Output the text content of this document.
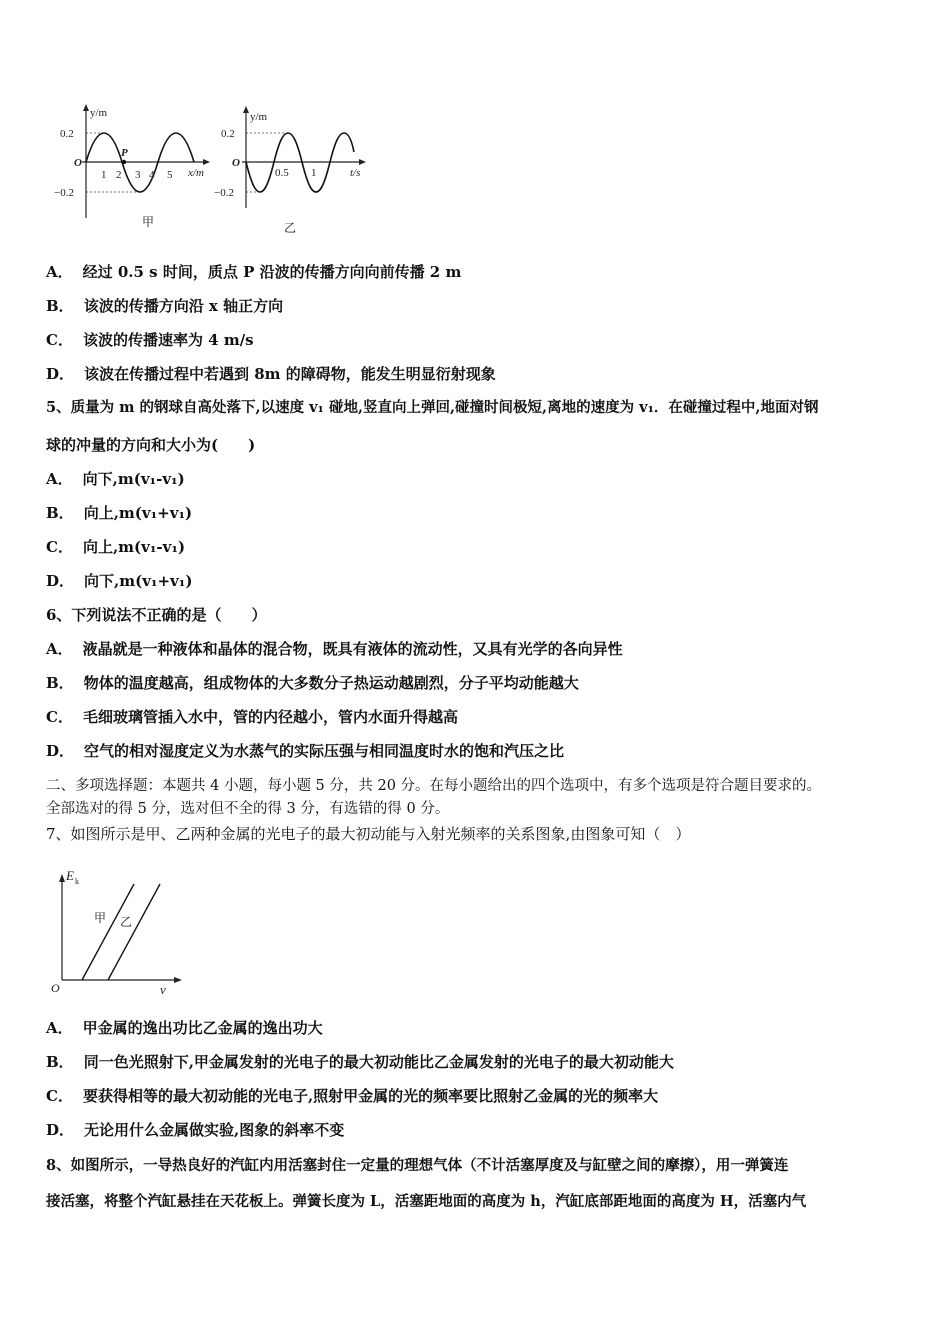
y/m
x/m
0.2
−0.2
O
P
1 2 3 4 5
甲
y/m
t/s
0.2
−0.2
O
0.5 1
乙
A． 经过 0.5 s 时间，质点 P 沿波的传播方向向前传播 2 m
B． 该波的传播方向沿 x 轴正方向
C． 该波的传播速率为 4 m/s
D． 该波在传播过程中若遇到 8m 的障碍物，能发生明显衍射现象
5、质量为 m 的钢球自高处落下,以速度 v₁ 碰地,竖直向上弹回,碰撞时间极短,离地的速度为 v₁．在碰撞过程中,地面对钢
球的冲量的方向和大小为(　　)
A． 向下,m(v₁-v₁)
B． 向上,m(v₁+v₁)
C． 向上,m(v₁-v₁)
D． 向下,m(v₁+v₁)
6、下列说法不正确的是（　　）
A． 液晶就是一种液体和晶体的混合物，既具有液体的流动性，又具有光学的各向异性
B． 物体的温度越高，组成物体的大多数分子热运动越剧烈，分子平均动能越大
C． 毛细玻璃管插入水中，管的内径越小，管内水面升得越高
D． 空气的相对湿度定义为水蒸气的实际压强与相同温度时水的饱和汽压之比
二、多项选择题：本题共 4 小题，每小题 5 分，共 20 分。在每小题给出的四个选项中，有多个选项是符合题目要求的。
全部选对的得 5 分，选对但不全的得 3 分，有选错的得 0 分。
7、如图所示是甲、乙两种金属的光电子的最大初动能与入射光频率的关系图象,由图象可知（　）
E k
ν
O
甲 乙
A． 甲金属的逸出功比乙金属的逸出功大
B． 同一色光照射下,甲金属发射的光电子的最大初动能比乙金属发射的光电子的最大初动能大
C． 要获得相等的最大初动能的光电子,照射甲金属的光的频率要比照射乙金属的光的频率大
D． 无论用什么金属做实验,图象的斜率不变
8、如图所示，一导热良好的汽缸内用活塞封住一定量的理想气体（不计活塞厚度及与缸壁之间的摩擦），用一弹簧连
接活塞，将整个汽缸悬挂在天花板上。弹簧长度为 L，活塞距地面的高度为 h，汽缸底部距地面的高度为 H，活塞内气
